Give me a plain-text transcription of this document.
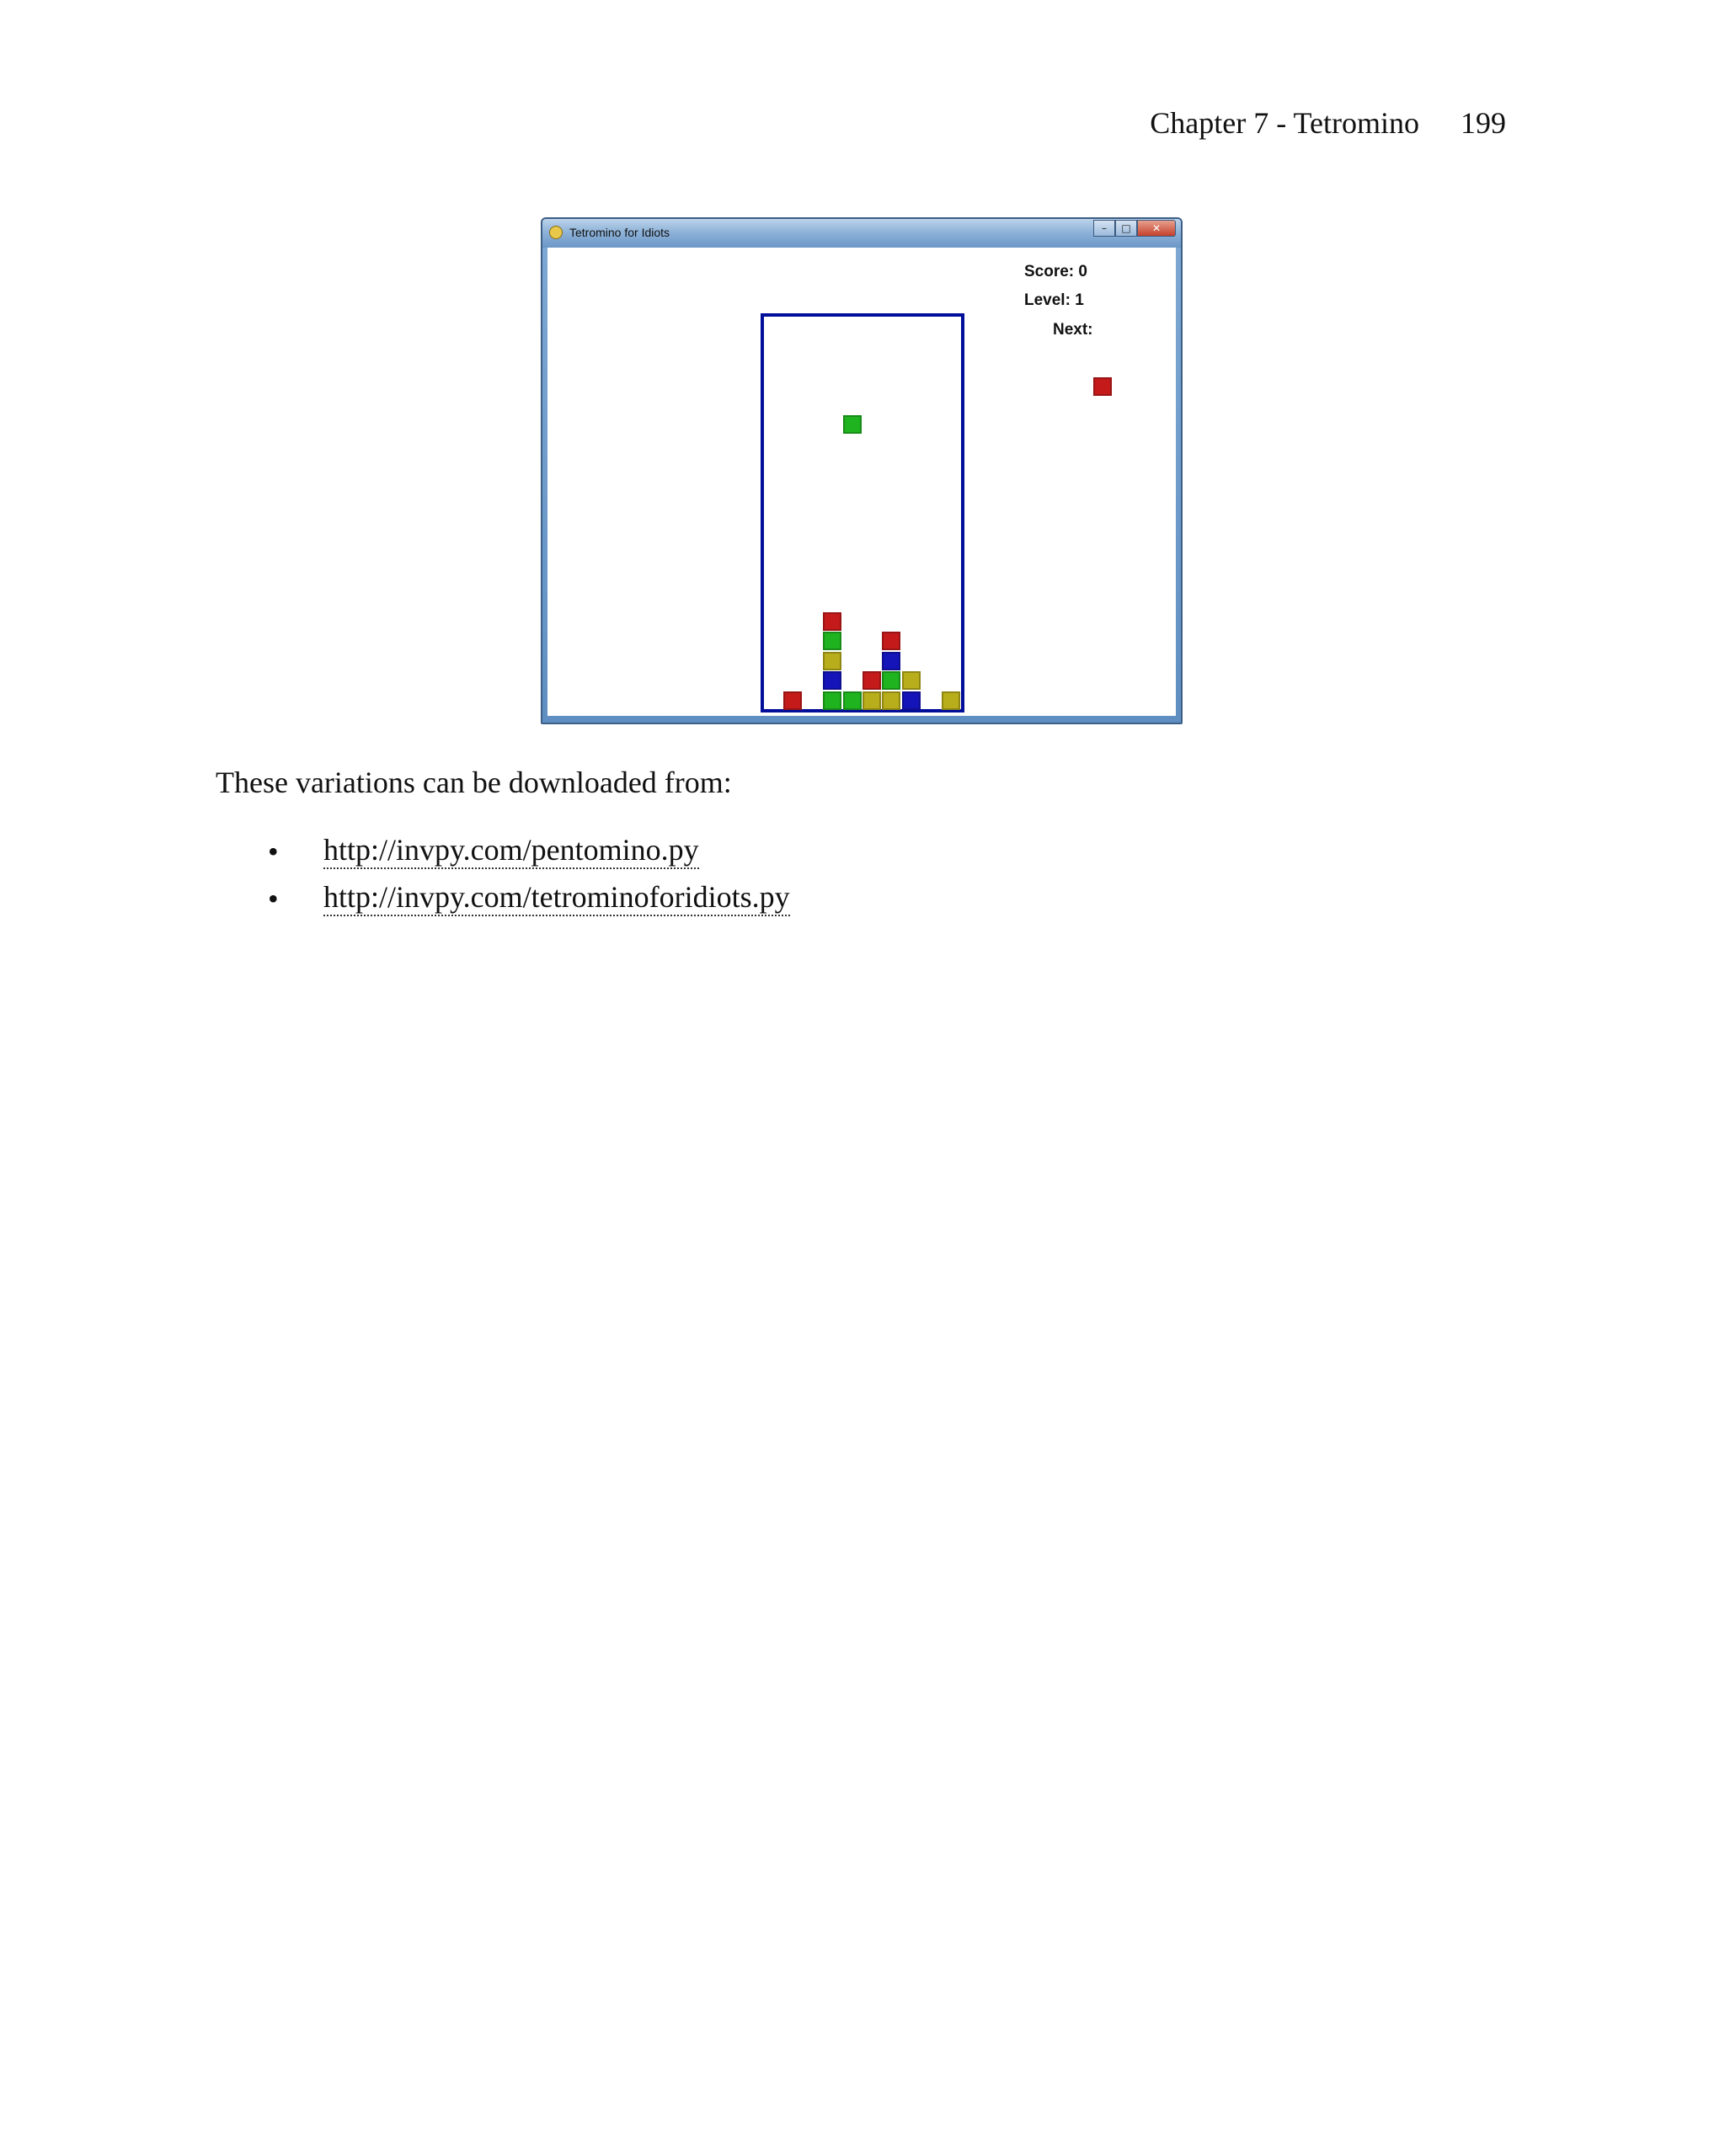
Chapter 7 - Tetromino 199
Tetromino for Idiots	–	□	✕
Score: 0
Level: 1
Next:
These variations can be downloaded from:
• http://invpy.com/pentomino.py
• http://invpy.com/tetrominoforidiots.py
